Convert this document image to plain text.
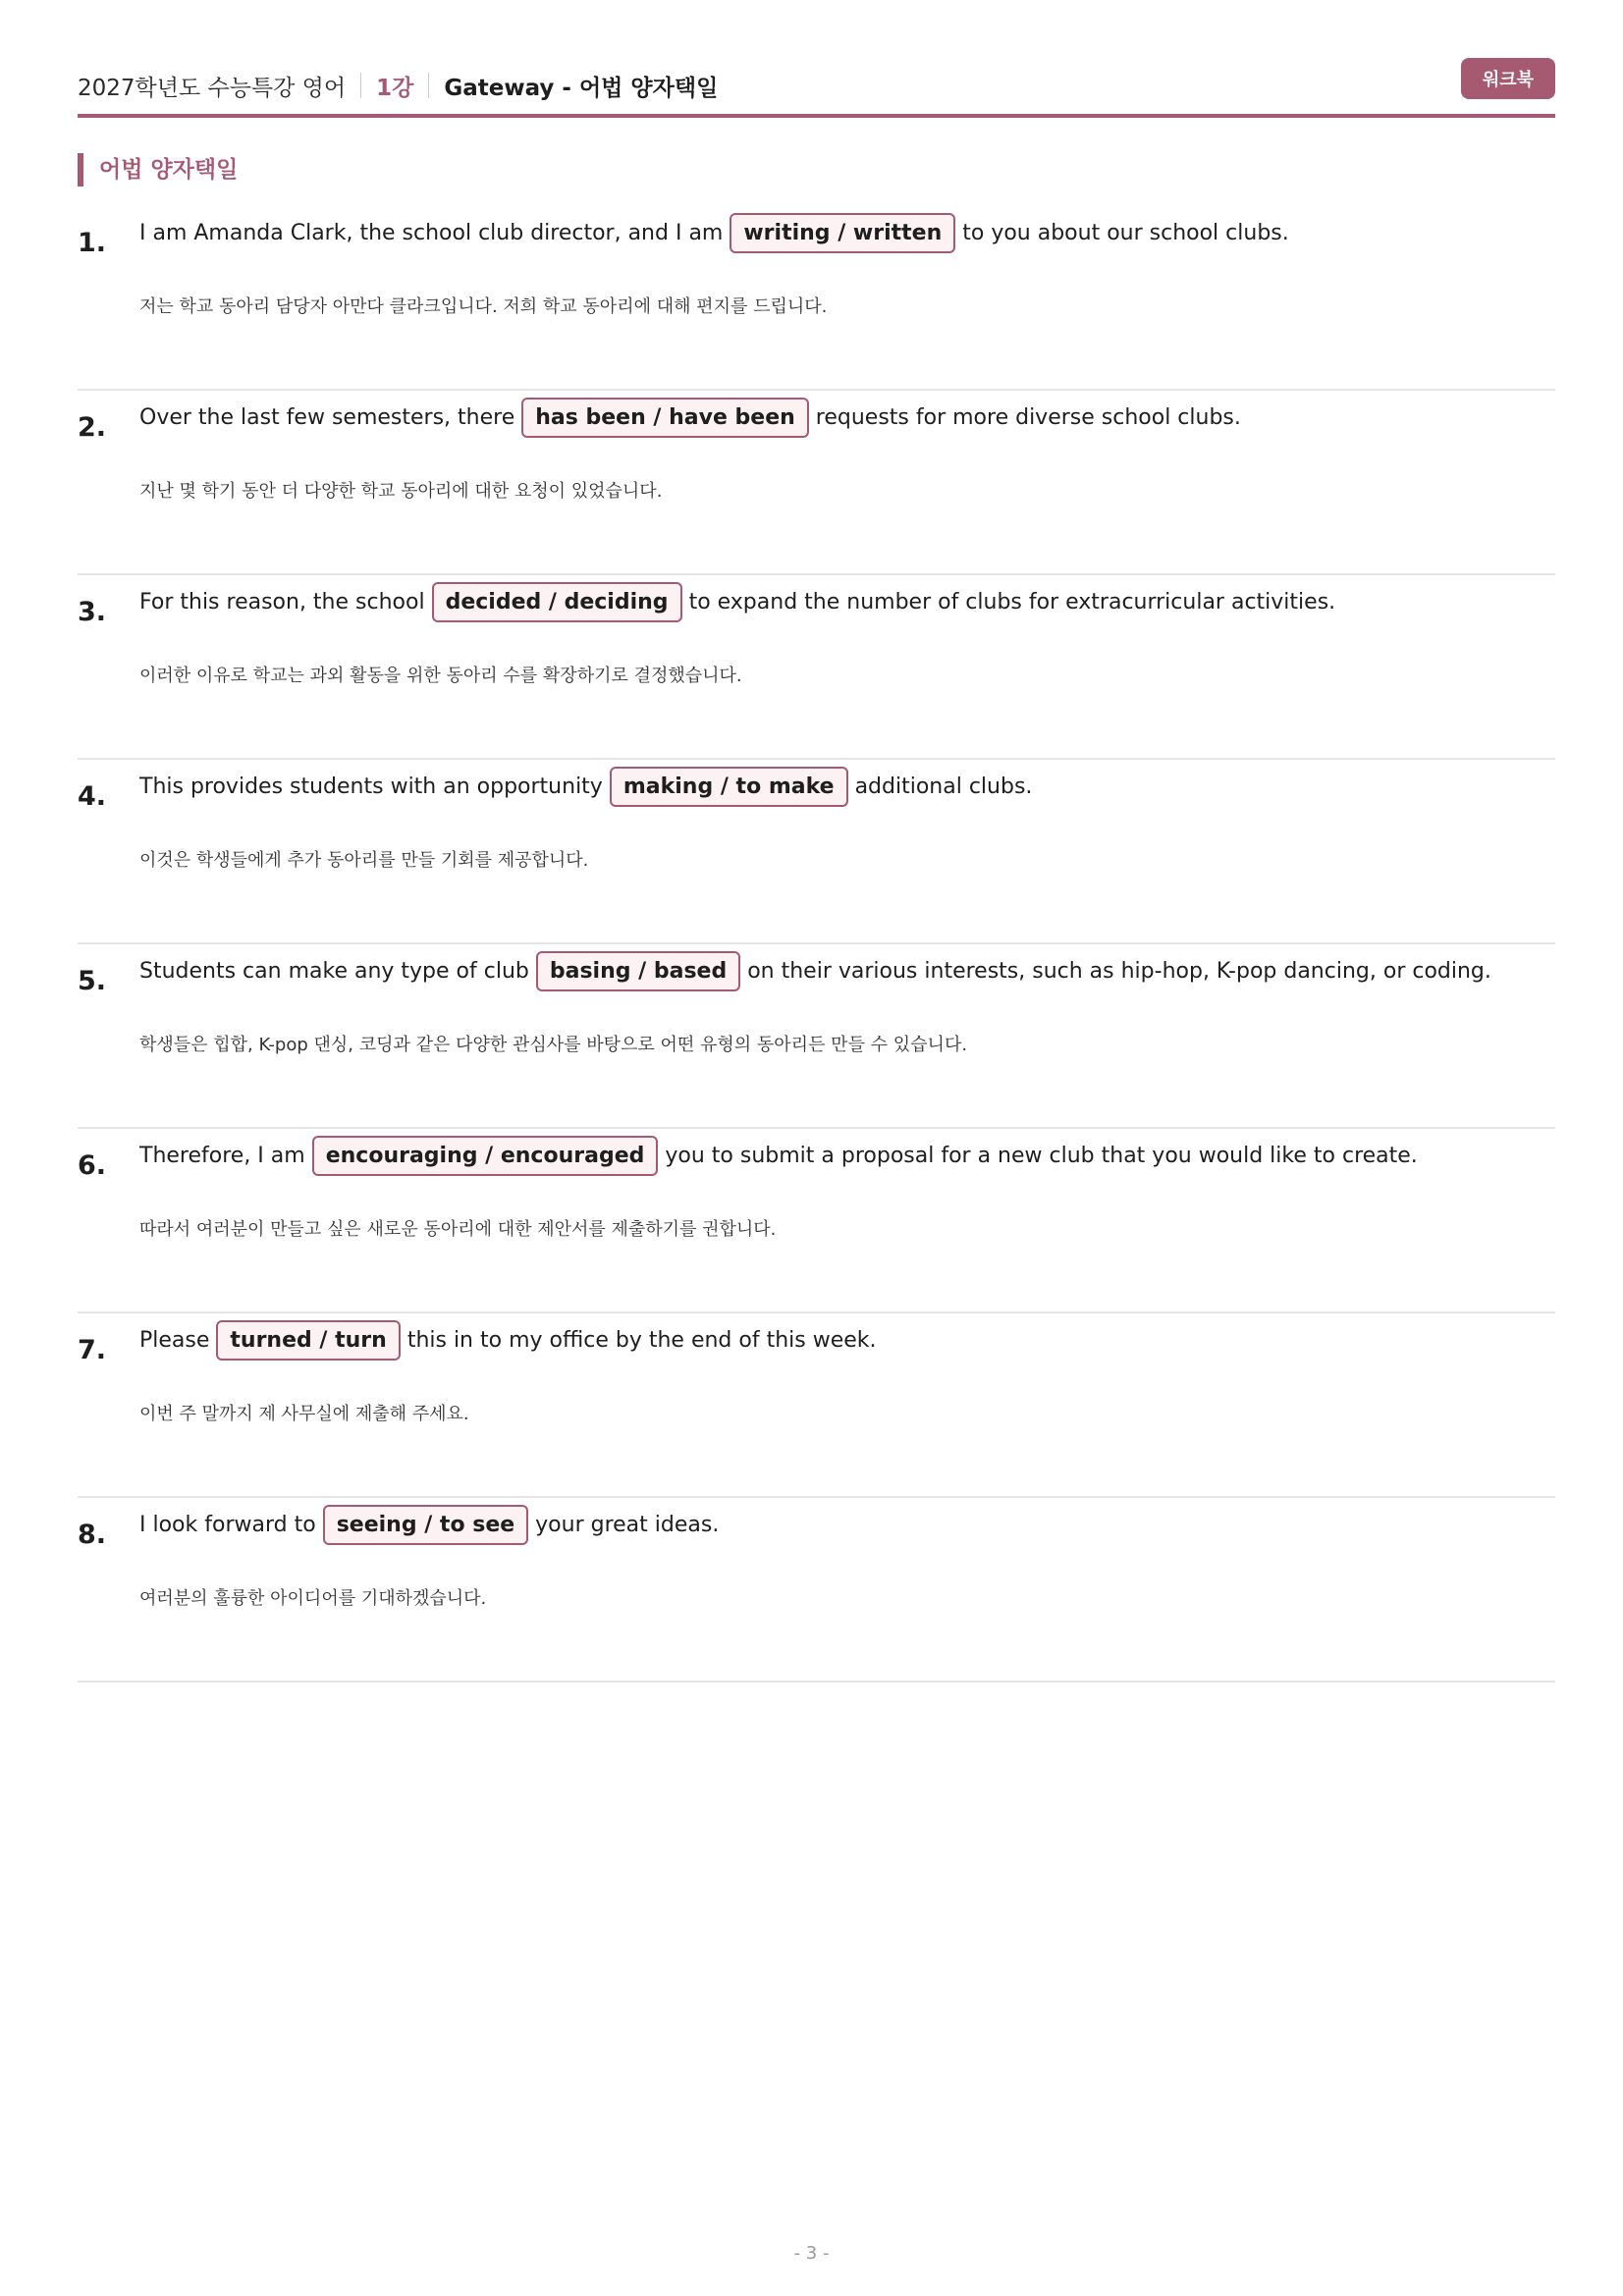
2027학년도 수능특강 영어 1강 Gateway - 어법 양자택일	워크북
어법 양자택일
1. I am Amanda Clark, the school club director, and I am writing / written to you about our school clubs.
저는 학교 동아리 담당자 아만다 클라크입니다. 저희 학교 동아리에 대해 편지를 드립니다.
2. Over the last few semesters, there has been / have been requests for more diverse school clubs.
지난 몇 학기 동안 더 다양한 학교 동아리에 대한 요청이 있었습니다.
3. For this reason, the school decided / deciding to expand the number of clubs for extracurricular activities.
이러한 이유로 학교는 과외 활동을 위한 동아리 수를 확장하기로 결정했습니다.
4. This provides students with an opportunity making / to make additional clubs.
이것은 학생들에게 추가 동아리를 만들 기회를 제공합니다.
5. Students can make any type of club basing / based on their various interests, such as hip-hop, K-pop dancing, or coding.
학생들은 힙합, K-pop 댄싱, 코딩과 같은 다양한 관심사를 바탕으로 어떤 유형의 동아리든 만들 수 있습니다.
6. Therefore, I am encouraging / encouraged you to submit a proposal for a new club that you would like to create.
따라서 여러분이 만들고 싶은 새로운 동아리에 대한 제안서를 제출하기를 권합니다.
7. Please turned / turn this in to my office by the end of this week.
이번 주 말까지 제 사무실에 제출해 주세요.
8. I look forward to seeing / to see your great ideas.
여러분의 훌륭한 아이디어를 기대하겠습니다.
- 3 -
